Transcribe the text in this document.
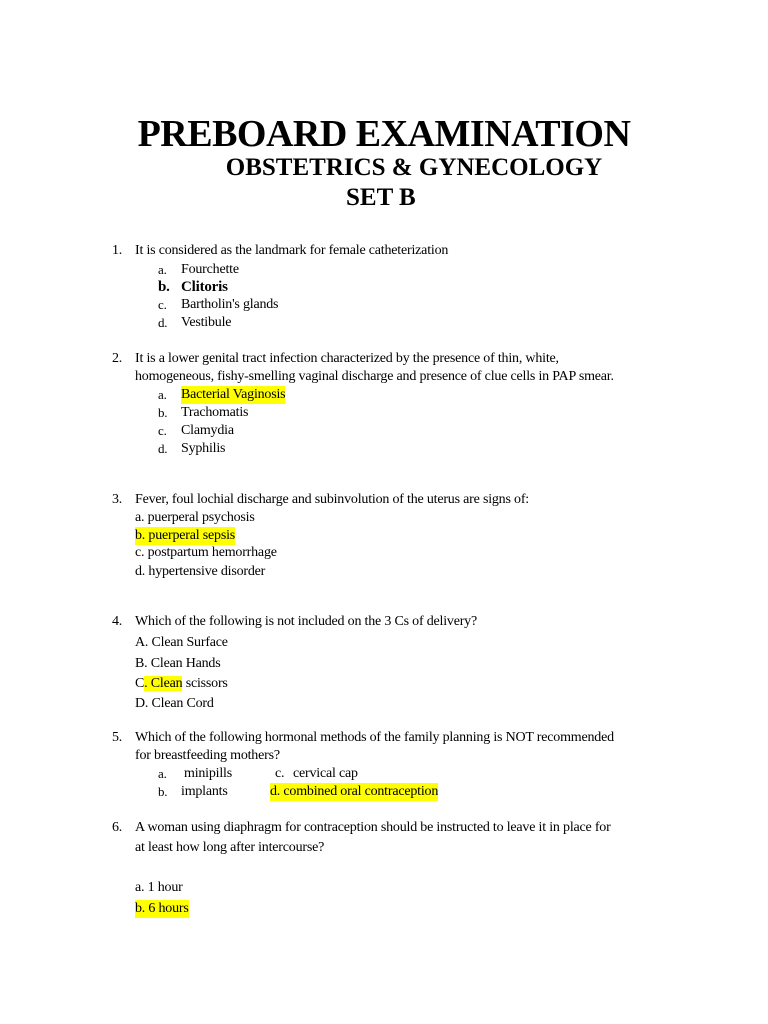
PREBOARD EXAMINATION
OBSTETRICS & GYNECOLOGY
SET B
1. It is considered as the landmark for female catheterization
a. Fourchette
b. Clitoris
c. Bartholin's glands
d. Vestibule
2. It is a lower genital tract infection characterized by the presence of thin, white,
homogeneous, fishy-smelling vaginal discharge and presence of clue cells in PAP smear.
a. Bacterial Vaginosis
b. Trachomatis
c. Clamydia
d. Syphilis
3. Fever, foul lochial discharge and subinvolution of the uterus are signs of:
a. puerperal psychosis
b. puerperal sepsis
c. postpartum hemorrhage
d. hypertensive disorder
4. Which of the following is not included on the 3 Cs of delivery?
A. Clean Surface
B. Clean Hands
C. Clean scissors
D. Clean Cord
5. Which of the following hormonal methods of the family planning is NOT recommended
for breastfeeding mothers?
a. minipills	c. cervical cap
b. implants	d. combined oral contraception
6. A woman using diaphragm for contraception should be instructed to leave it in place for
at least how long after intercourse?
a. 1 hour
b. 6 hours
